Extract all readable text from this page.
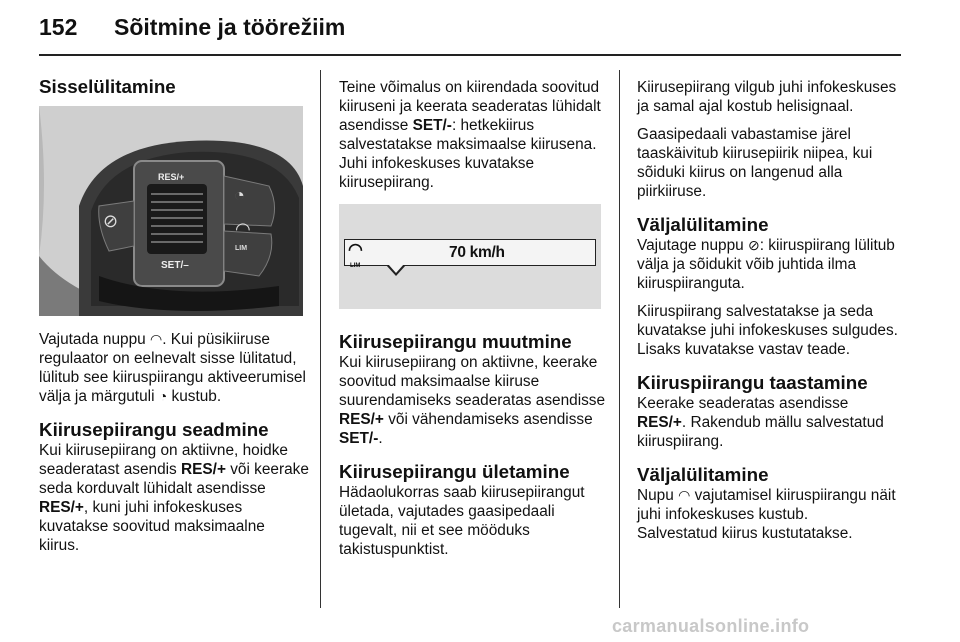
152 Sõitmine ja töörežiim
Sisselülitamine
RES/+
SET/–
LIM
⊘
◔
◠

Vajutada nuppu ◠. Kui püsikiiruse regulaator on eelnevalt sisse lülitatud, lülitub see kiiruspiirangu aktiveerumisel välja ja märgutuli ◔ kustub.

Kiirusepiirangu seadmine

Kui kiirusepiirang on aktiivne, hoidke seaderatast asendis RES/+ või keerake seda korduvalt lühidalt asendisse RES/+, kuni juhi infokeskuses kuvatakse soovitud maksimaalne kiirus.

Teine võimalus on kiirendada soovitud kiiruseni ja keerata seaderatas lühidalt asendisse SET/-: hetkekiirus salvestatakse maksimaalse kiirusena. Juhi infokeskuses kuvatakse kiirusepiirang.

◠
LIM
70 km/h
Kiirusepiirangu muutmine

Kui kiirusepiirang on aktiivne, keerake soovitud maksimaalse kiiruse suurendamiseks seaderatas asendisse RES/+ või vähendamiseks asendisse SET/-.

Kiirusepiirangu ületamine

Hädaolukorras saab kiirusepiirangut ületada, vajutades gaasipedaali tugevalt, nii et see mööduks takistuspunktist.

Kiirusepiirang vilgub juhi infokeskuses ja samal ajal kostub helisignaal.

Gaasipedaali vabastamise järel taaskäivitub kiirusepiirik niipea, kui sõiduki kiirus on langenud alla piirkiiruse.

Väljalülitamine

Vajutage nuppu ⊘: kiiruspiirang lülitub välja ja sõidukit võib juhtida ilma kiiruspiiranguta.

Kiiruspiirang salvestatakse ja seda kuvatakse juhi infokeskuses sulgudes. Lisaks kuvatakse vastav teade.

Kiiruspiirangu taastamine

Keerake seaderatas asendisse RES/+. Rakendub mällu salvestatud kiiruspiirang.

Väljalülitamine

Nupu ◠ vajutamisel kiiruspiirangu näit juhi infokeskuses kustub.

Salvestatud kiirus kustutatakse.

carmanualsonline.info
